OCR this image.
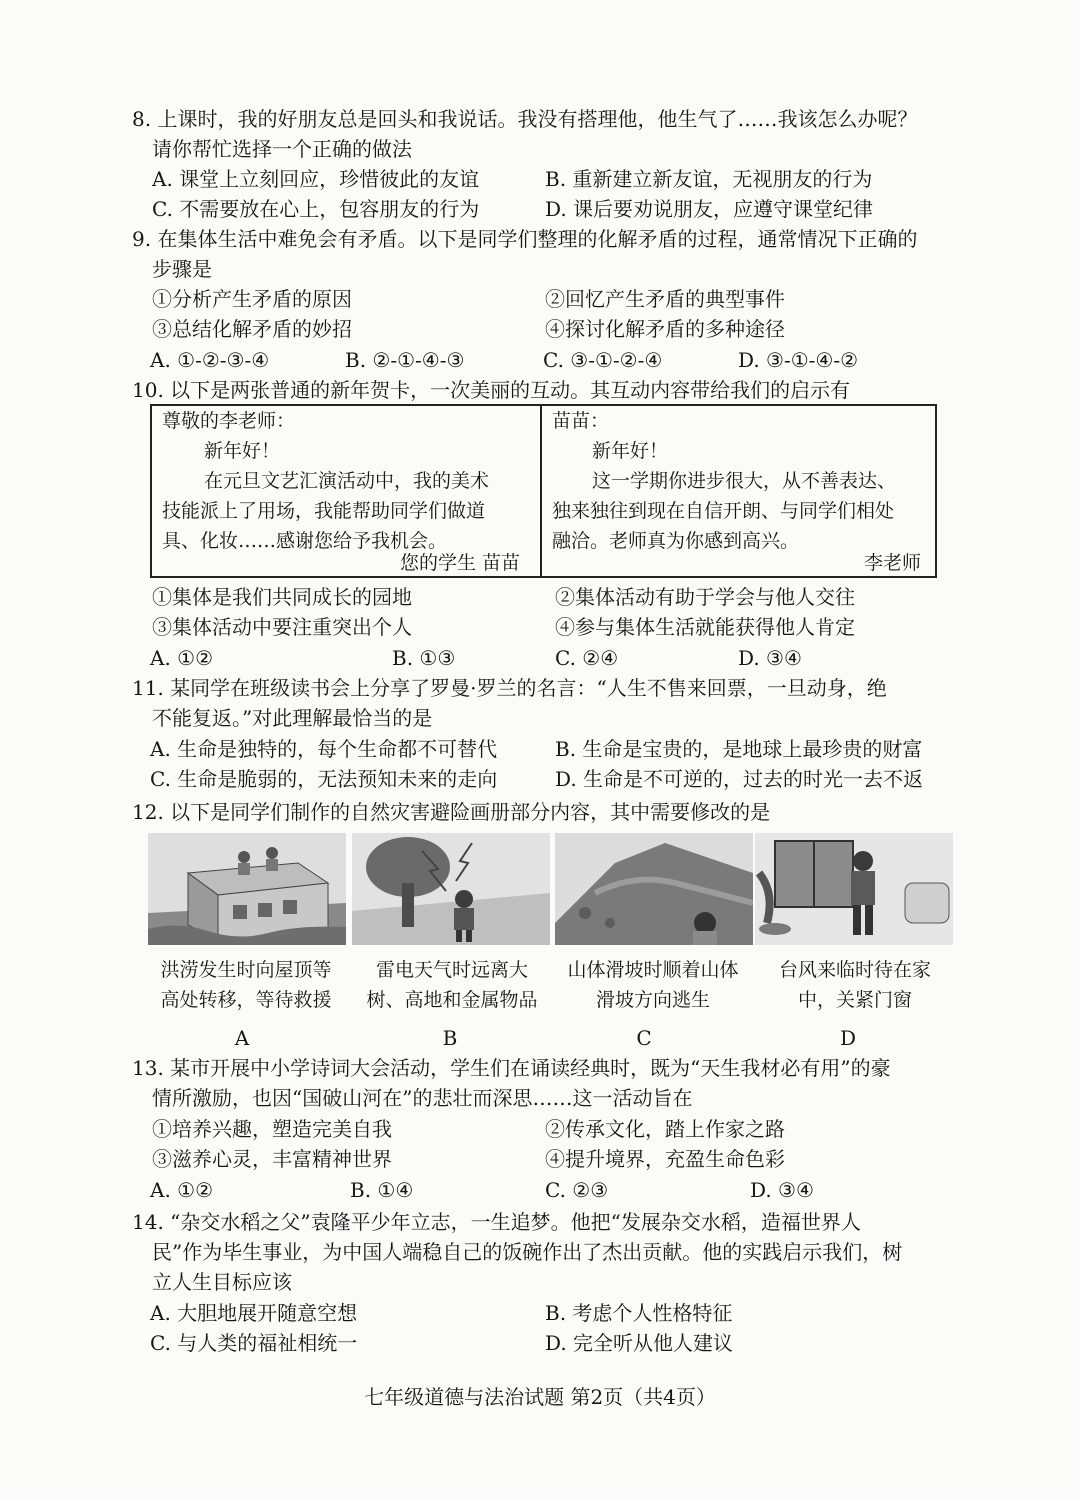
8. 上课时，我的好朋友总是回头和我说话。我没有搭理他，他生气了……我该怎么办呢？
请你帮忙选择一个正确的做法
A. 课堂上立刻回应，珍惜彼此的友谊	B. 重新建立新友谊，无视朋友的行为
C. 不需要放在心上，包容朋友的行为	D. 课后要劝说朋友，应遵守课堂纪律
9. 在集体生活中难免会有矛盾。以下是同学们整理的化解矛盾的过程，通常情况下正确的
步骤是
①分析产生矛盾的原因	②回忆产生矛盾的典型事件
③总结化解矛盾的妙招	④探讨化解矛盾的多种途径
A. ①-②-③-④	B. ②-①-④-③	C. ③-①-②-④	D. ③-①-④-②
10. 以下是两张普通的新年贺卡，一次美丽的互动。其互动内容带给我们的启示有
尊敬的李老师：
新年好！
在元旦文艺汇演活动中，我的美术
技能派上了用场，我能帮助同学们做道
具、化妆……感谢您给予我机会。
您的学生 苗苗
苗苗：
新年好！
这一学期你进步很大，从不善表达、
独来独往到现在自信开朗、与同学们相处
融洽。老师真为你感到高兴。
李老师
①集体是我们共同成长的园地	②集体活动有助于学会与他人交往
③集体活动中要注重突出个人	④参与集体生活就能获得他人肯定
A. ①②	B. ①③	C. ②④	D. ③④
11. 某同学在班级读书会上分享了罗曼·罗兰的名言：“人生不售来回票，一旦动身，绝
不能复返。”对此理解最恰当的是
A. 生命是独特的，每个生命都不可替代	B. 生命是宝贵的，是地球上最珍贵的财富
C. 生命是脆弱的，无法预知未来的走向	D. 生命是不可逆的，过去的时光一去不返
12. 以下是同学们制作的自然灾害避险画册部分内容，其中需要修改的是
洪涝发生时向屋顶等
高处转移，等待救援
雷电天气时远离大
树、高地和金属物品
山体滑坡时顺着山体
滑坡方向逃生
台风来临时待在家
中，关紧门窗
A	B	C	D
13. 某市开展中小学诗词大会活动，学生们在诵读经典时，既为“天生我材必有用”的豪
情所激励，也因“国破山河在”的悲壮而深思……这一活动旨在
①培养兴趣，塑造完美自我	②传承文化，踏上作家之路
③滋养心灵，丰富精神世界	④提升境界，充盈生命色彩
A. ①②	B. ①④	C. ②③	D. ③④
14. “杂交水稻之父”袁隆平少年立志，一生追梦。他把“发展杂交水稻，造福世界人
民”作为毕生事业，为中国人端稳自己的饭碗作出了杰出贡献。他的实践启示我们，树
立人生目标应该
A. 大胆地展开随意空想	B. 考虑个人性格特征
C. 与人类的福祉相统一	D. 完全听从他人建议
七年级道德与法治试题 第2页（共4页）
